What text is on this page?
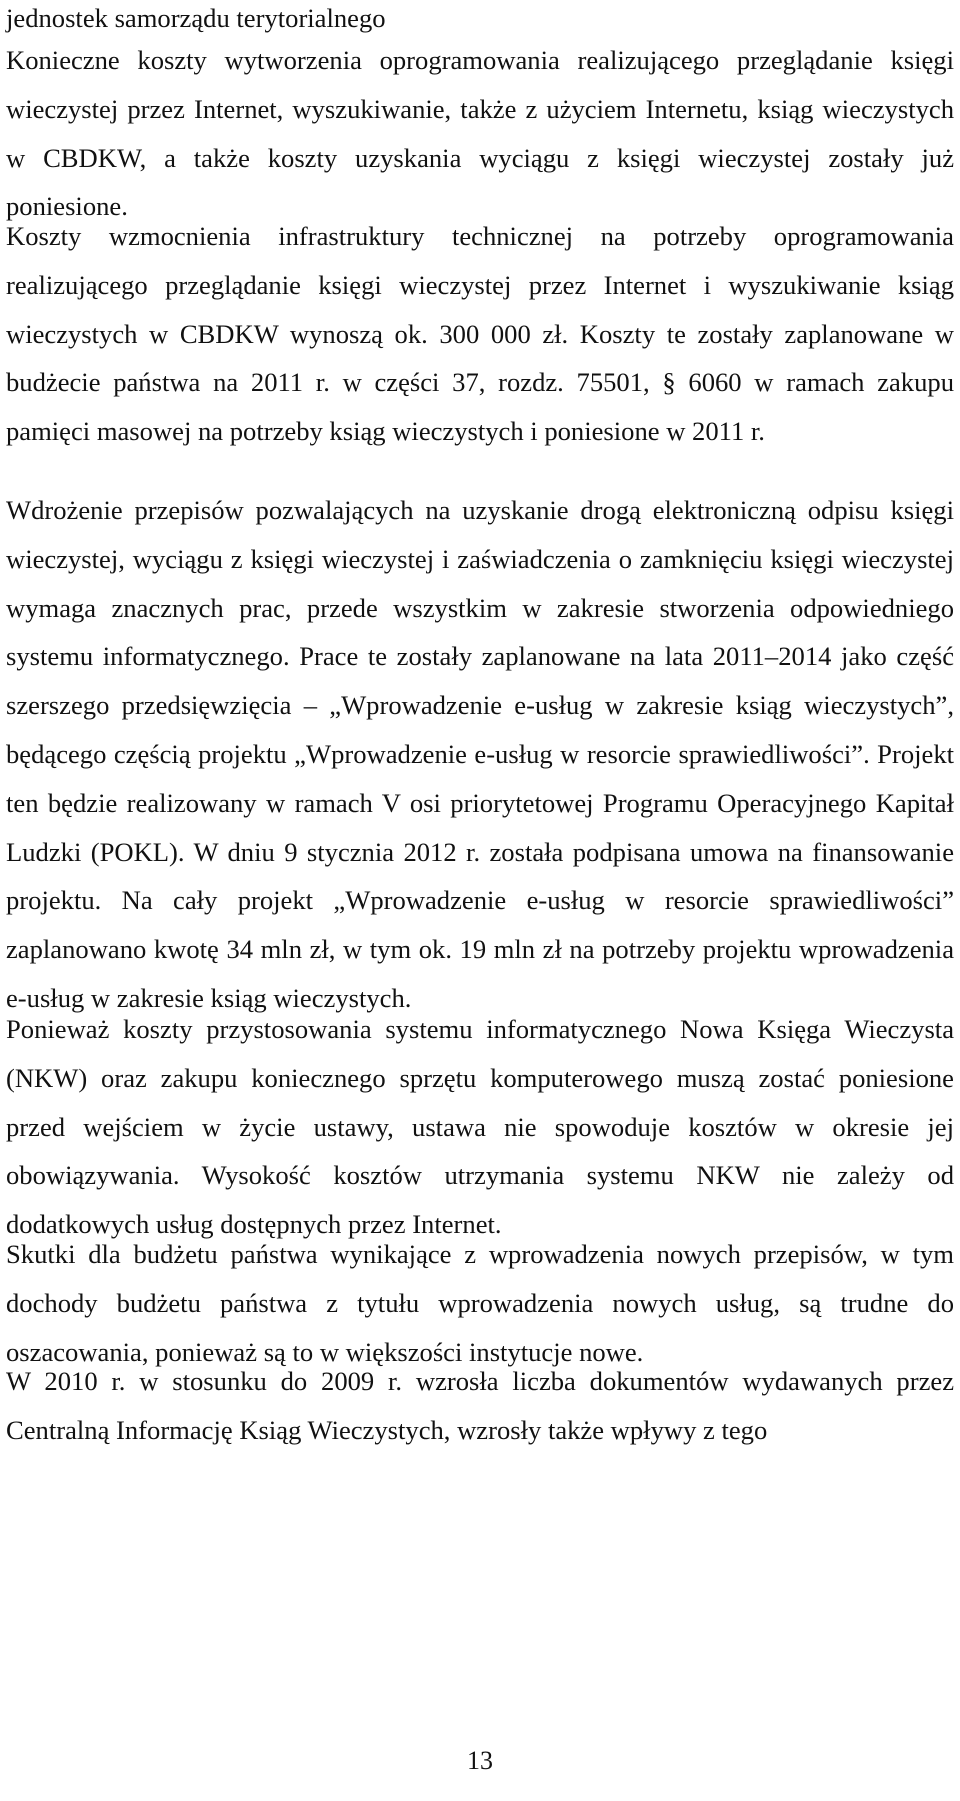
jednostek samorządu terytorialnego

Konieczne koszty wytworzenia oprogramowania realizującego przeglądanie księgi wieczystej przez Internet, wyszukiwanie, także z użyciem Internetu, ksiąg wieczystych w CBDKW, a także koszty uzyskania wyciągu z księgi wieczystej zostały już poniesione.

Koszty wzmocnienia infrastruktury technicznej na potrzeby oprogramowania realizującego przeglądanie księgi wieczystej przez Internet i wyszukiwanie ksiąg wieczystych w CBDKW wynoszą ok. 300 000 zł. Koszty te zostały zaplanowane w budżecie państwa na 2011 r. w części 37, rozdz. 75501, § 6060 w ramach zakupu pamięci masowej na potrzeby ksiąg wieczystych i poniesione w 2011 r.

Wdrożenie przepisów pozwalających na uzyskanie drogą elektroniczną odpisu księgi wieczystej, wyciągu z księgi wieczystej i zaświadczenia o zamknięciu księgi wieczystej wymaga znacznych prac, przede wszystkim w zakresie stworzenia odpowiedniego systemu informatycznego. Prace te zostały zaplanowane na lata 2011–2014 jako część szerszego przedsięwzięcia – „Wprowadzenie e-usług w zakresie ksiąg wieczystych”, będącego częścią projektu „Wprowadzenie e-usług w resorcie sprawiedliwości”. Projekt ten będzie realizowany w ramach V osi priorytetowej Programu Operacyjnego Kapitał Ludzki (POKL). W dniu 9 stycznia 2012 r. została podpisana umowa na finansowanie projektu. Na cały projekt „Wprowadzenie e-usług w resorcie sprawiedliwości” zaplanowano kwotę 34 mln zł, w tym ok. 19 mln zł na potrzeby projektu wprowadzenia e-usług w zakresie ksiąg wieczystych.

Ponieważ koszty przystosowania systemu informatycznego Nowa Księga Wieczysta (NKW) oraz zakupu koniecznego sprzętu komputerowego muszą zostać poniesione przed wejściem w życie ustawy, ustawa nie spowoduje kosztów w okresie jej obowiązywania. Wysokość kosztów utrzymania systemu NKW nie zależy od dodatkowych usług dostępnych przez Internet.

Skutki dla budżetu państwa wynikające z wprowadzenia nowych przepisów, w tym dochody budżetu państwa z tytułu wprowadzenia nowych usług, są trudne do oszacowania, ponieważ są to w większości instytucje nowe.

W 2010 r. w stosunku do 2009 r. wzrosła liczba dokumentów wydawanych przez Centralną Informację Ksiąg Wieczystych, wzrosły także wpływy z tego

13
